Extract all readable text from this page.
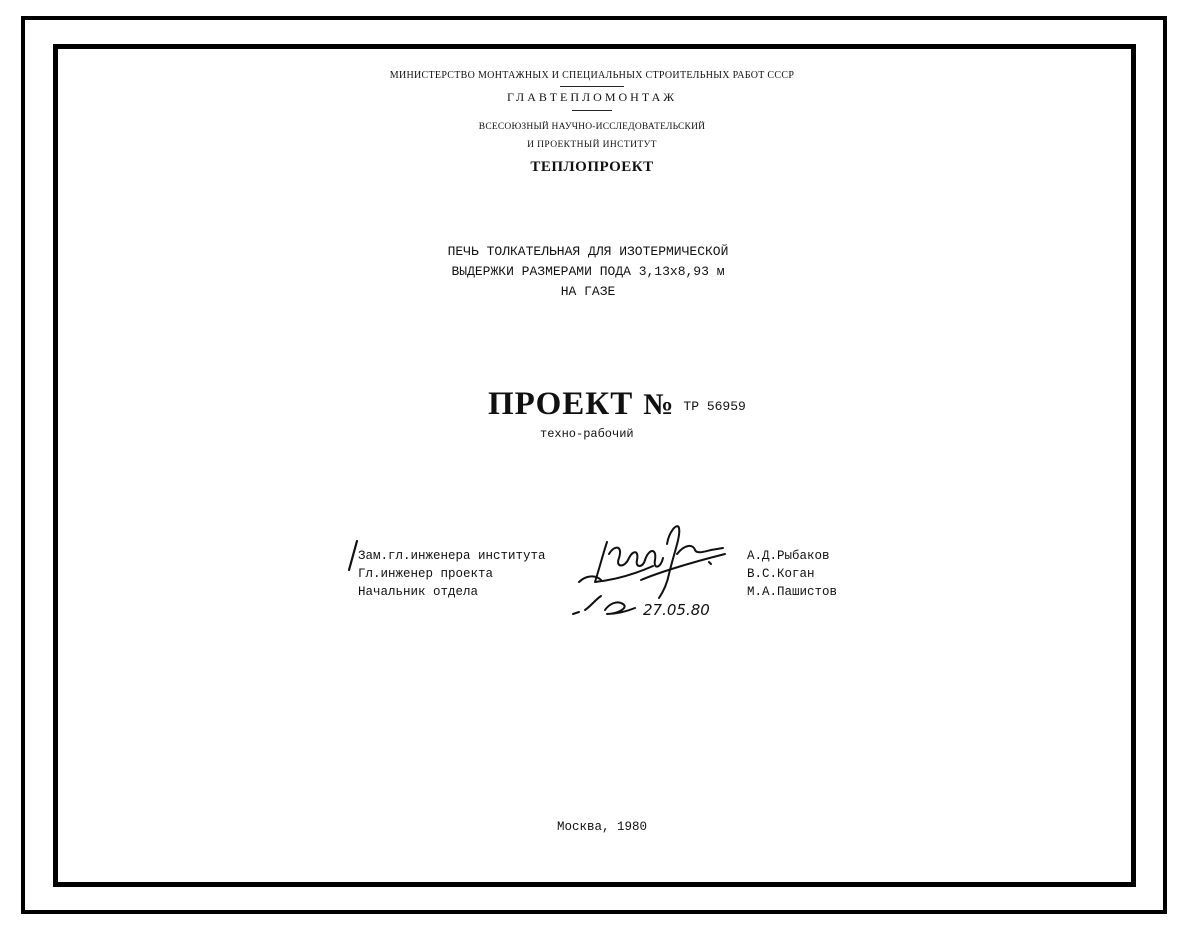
МИНИСТЕРСТВО МОНТАЖНЫХ И СПЕЦИАЛЬНЫХ СТРОИТЕЛЬНЫХ РАБОТ СССР
ГЛАВТЕПЛОМОНТАЖ
ВСЕСОЮЗНЫЙ НАУЧНО-ИССЛЕДОВАТЕЛЬСКИЙ
И ПРОЕКТНЫЙ ИНСТИТУТ
ТЕПЛОПРОЕКТ
ПЕЧЬ ТОЛКАТЕЛЬНАЯ ДЛЯ ИЗОТЕРМИЧЕСКОЙ
ВЫДЕРЖКИ РАЗМЕРАМИ ПОДА 3,13х8,93 м
НА ГАЗЕ
ПРОЕКТ № $^{ТР 56959}$
техно-рабочий
Зам.гл.инженера института
Гл.инженер проекта
Начальник отдела
27.05.80
А.Д.Рыбаков
В.С.Коган
М.А.Пашистов
Москва, 1980
